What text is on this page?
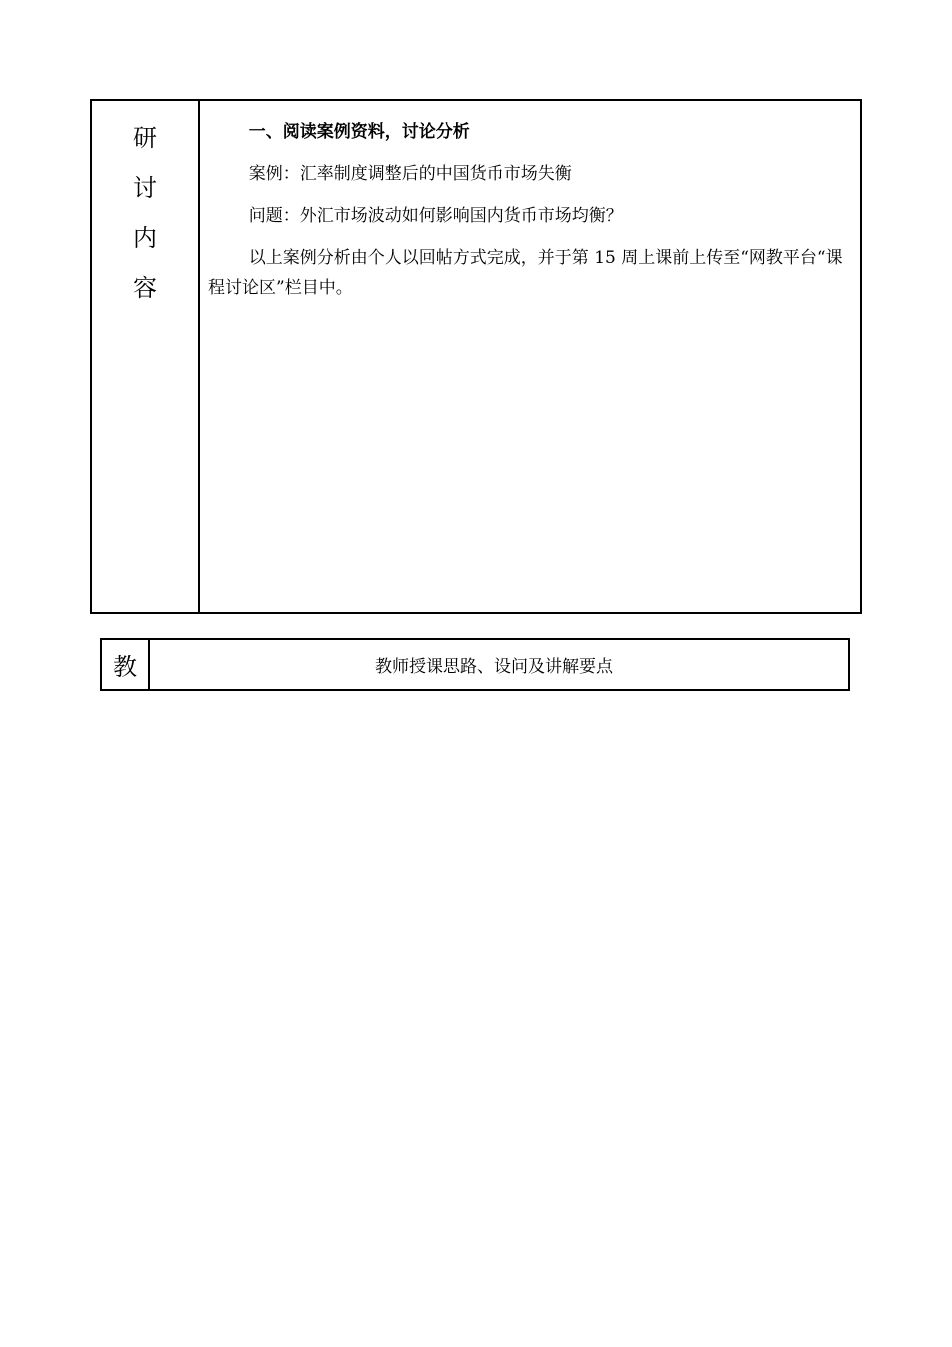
研
讨
内
容

一、阅读案例资料，讨论分析

案例：汇率制度调整后的中国货币市场失衡

问题：外汇市场波动如何影响国内货币市场均衡？

以上案例分析由个人以回帖方式完成，并于第 15 周上课前上传至“网教平台“课程讨论区”栏目中。

教	教师授课思路、设问及讲解要点
